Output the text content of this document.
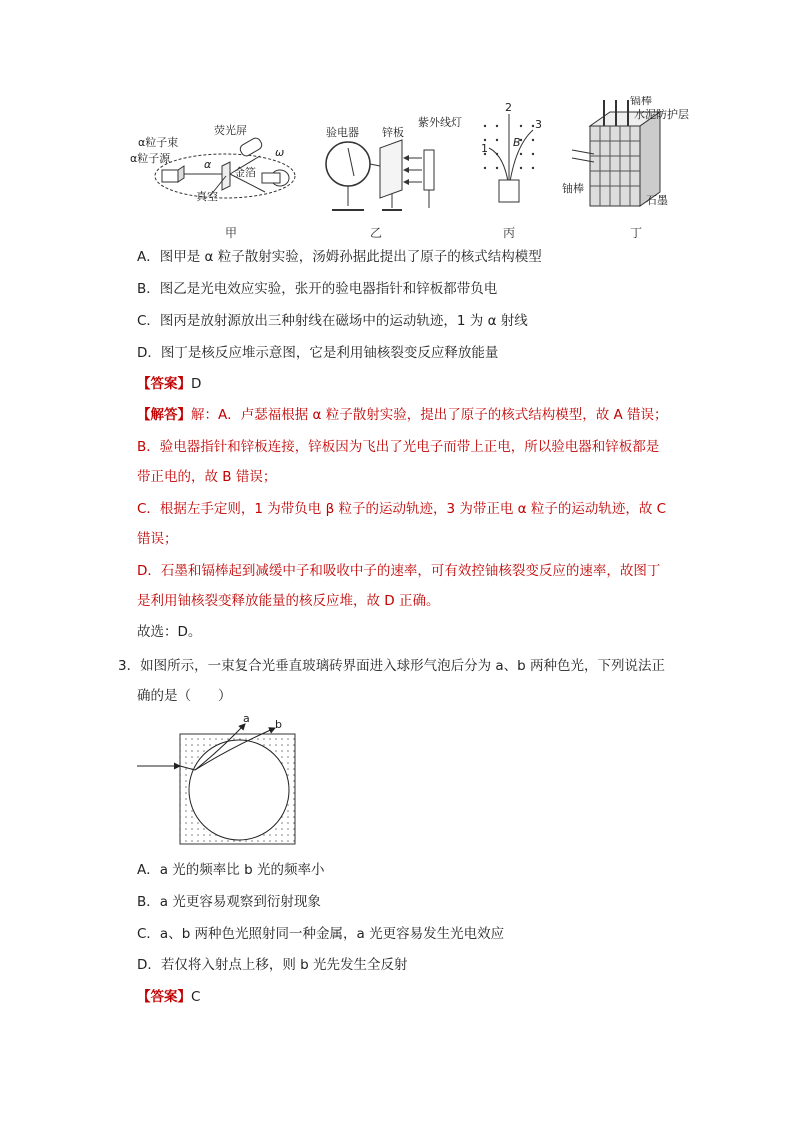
荧光屏
α粒子束
α粒子源
金箔
真空
ω
α
甲
验电器 锌板
紫外线灯
乙
1
2
3
B
丙
镉棒
水泥防护层
铀棒
石墨
丁
A．图甲是 α 粒子散射实验，汤姆孙据此提出了原子的核式结构模型
B．图乙是光电效应实验，张开的验电器指针和锌板都带负电
C．图丙是放射源放出三种射线在磁场中的运动轨迹，1 为 α 射线
D．图丁是核反应堆示意图，它是利用铀核裂变反应释放能量
【答案】D
【解答】解：A．卢瑟福根据 α 粒子散射实验，提出了原子的核式结构模型，故 A 错误；
B．验电器指针和锌板连接，锌板因为飞出了光电子而带上正电，所以验电器和锌板都是
带正电的，故 B 错误；
C．根据左手定则，1 为带负电 β 粒子的运动轨迹，3 为带正电 α 粒子的运动轨迹，故 C
错误；
D．石墨和镉棒起到减缓中子和吸收中子的速率，可有效控铀核裂变反应的速率，故图丁
是利用铀核裂变释放能量的核反应堆，故 D 正确。
故选：D。
3．如图所示，一束复合光垂直玻璃砖界面进入球形气泡后分为 a、b 两种色光，下列说法正
确的是（　　）
a b
A．a 光的频率比 b 光的频率小
B．a 光更容易观察到衍射现象
C．a、b 两种色光照射同一种金属，a 光更容易发生光电效应
D．若仅将入射点上移，则 b 光先发生全反射
【答案】C
